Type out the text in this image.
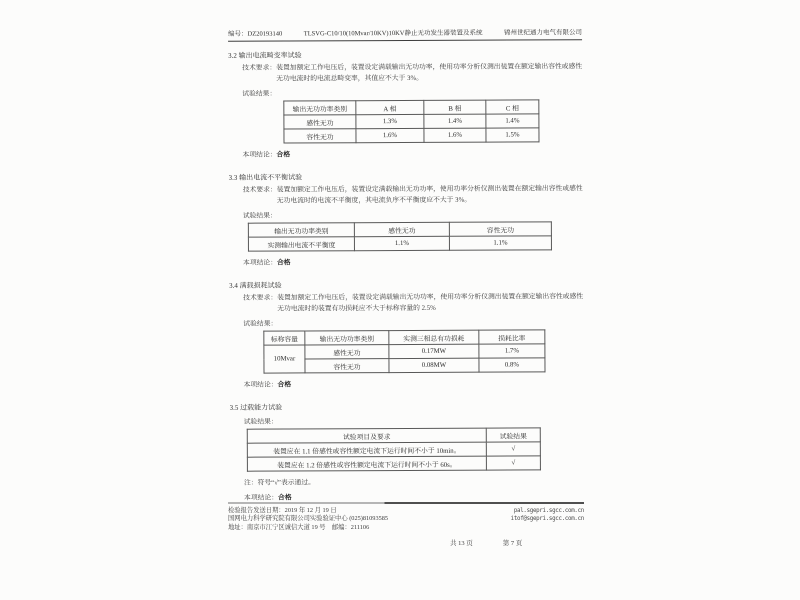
编号：DZ20193140	TLSVG-C10/10(10Mvar/10KV)10KV静止无功发生器装置及系统	锦州世纪通力电气有限公司
3.2 输出电流畸变率试验

技术要求：装置加额定工作电压后，装置设定满载输出无功功率，使用功率分析仪测出装置在额定输出容性或感性无功电流时的电流总畸变率，其值应不大于 3%。

试验结果：
输出无功功率类别	A 相	B 相	C 相
感性无功	1.3%	1.4%	1.4%
容性无功	1.6%	1.6%	1.5%
本项结论：合格
3.3 输出电流不平衡试验

技术要求：装置加额定工作电压后，装置设定满载输出无功功率，使用功率分析仪测出装置在额定输出容性或感性无功电流时的电流不平衡度，其电流负序不平衡度应不大于 3%。

试验结果：
输出无功功率类别	感性无功	容性无功
实测输出电流不平衡度	1.1%	1.1%
本项结论：合格
3.4 满载损耗试验

技术要求：装置加额定工作电压后，装置设定满载输出无功功率，使用功率分析仪测出装置在额定输出容性或感性无功电流时的装置有功损耗应不大于标称容量的 2.5%

试验结果：
标称容量	输出无功功率类别	实测三相总有功损耗	损耗比率
10Mvar	感性无功	0.17MW	1.7%
	容性无功	0.08MW	0.8%
本项结论：合格
3.5 过载能力试验
试验结果：
试验项目及要求	试验结果
装置应在 1.1 倍感性或容性额定电流下运行时间不小于 10min。	√
装置应在 1.2 倍感性或容性额定电流下运行时间不小于 60s。	√
注：符号“√”表示通过。
本项结论：合格
检验报告发送日期：2019 年 12 月 19 日
国网电力科学研究院有限公司实验验证中心 (025)81093585
地址：南京市江宁区诚信大道 19 号　邮编：211106
pal.sgepri.sgcc.com.cn
itof@sgepri.sgcc.com.cn
共 13 页	第 7 页
